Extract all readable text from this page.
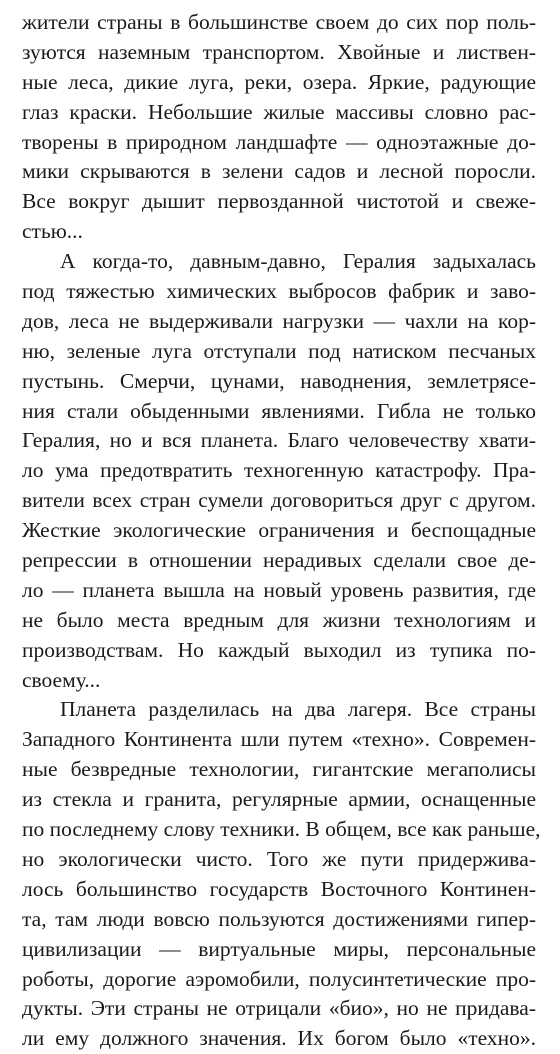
жители страны в большинстве своем до сих пор поль-
зуются наземным транспортом. Хвойные и листвен-
ные леса, дикие луга, реки, озера. Яркие, радующие
глаз краски. Небольшие жилые массивы словно рас-
творены в природном ландшафте — одноэтажные до-
мики скрываются в зелени садов и лесной поросли.
Все вокруг дышит первозданной чистотой и свеже-
стью...
А когда-то, давным-давно, Гералия задыхалась
под тяжестью химических выбросов фабрик и заво-
дов, леса не выдерживали нагрузки — чахли на кор-
ню, зеленые луга отступали под натиском песчаных
пустынь. Смерчи, цунами, наводнения, землетрясе-
ния стали обыденными явлениями. Гибла не только
Гералия, но и вся планета. Благо человечеству хвати-
ло ума предотвратить техногенную катастрофу. Пра-
вители всех стран сумели договориться друг с другом.
Жесткие экологические ограничения и беспощадные
репрессии в отношении нерадивых сделали свое де-
ло — планета вышла на новый уровень развития, где
не было места вредным для жизни технологиям и
производствам. Но каждый выходил из тупика по-
своему...
Планета разделилась на два лагеря. Все страны
Западного Континента шли путем «техно». Современ-
ные безвредные технологии, гигантские мегаполисы
из стекла и гранита, регулярные армии, оснащенные
по последнему слову техники. В общем, все как раньше,
но экологически чисто. Того же пути придерживa-
лось большинство государств Восточного Континен-
та, там люди вовсю пользуются достижениями гипер-
цивилизации — виртуальные миры, персональные
роботы, дорогие аэромобили, полусинтетические про-
дукты. Эти страны не отрицали «био», но не придава-
ли ему должного значения. Их богом было «техно».
